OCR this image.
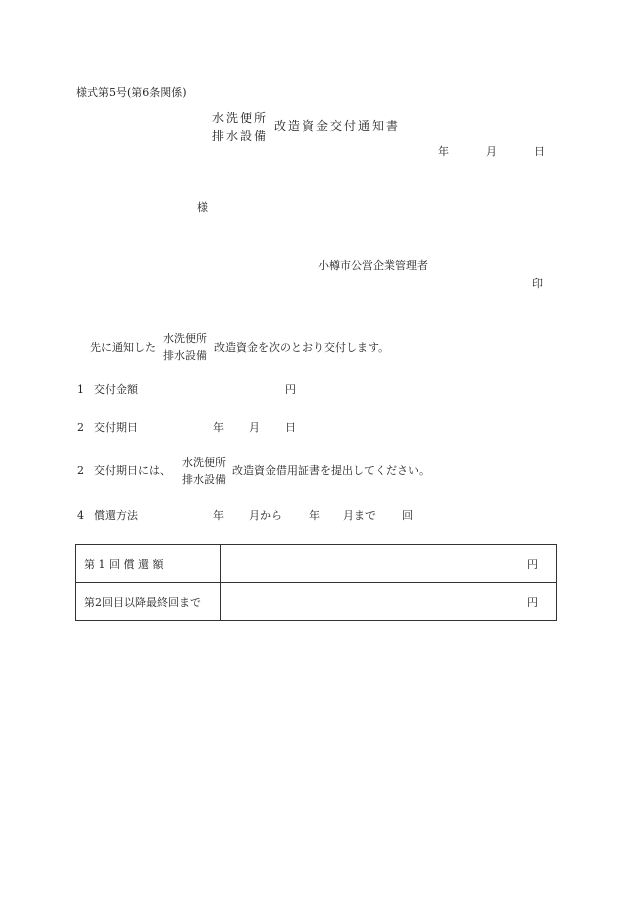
様式第5号(第6条関係)
水洗便所
排水設備
改造資金交付通知書
年	月	日
様
小樽市公営企業管理者
印
先に通知した
水洗便所
排水設備
改造資金を次のとおり交付します。
1 交付金額	円
2 交付期日	年 月 日
2 交付期日には、
水洗便所
排水設備
改造資金借用証書を提出してください。
4 償還方法	年 月から 年 月まで 回
第 1 回 償 還 額	円
第2回目以降最終回まで	円
